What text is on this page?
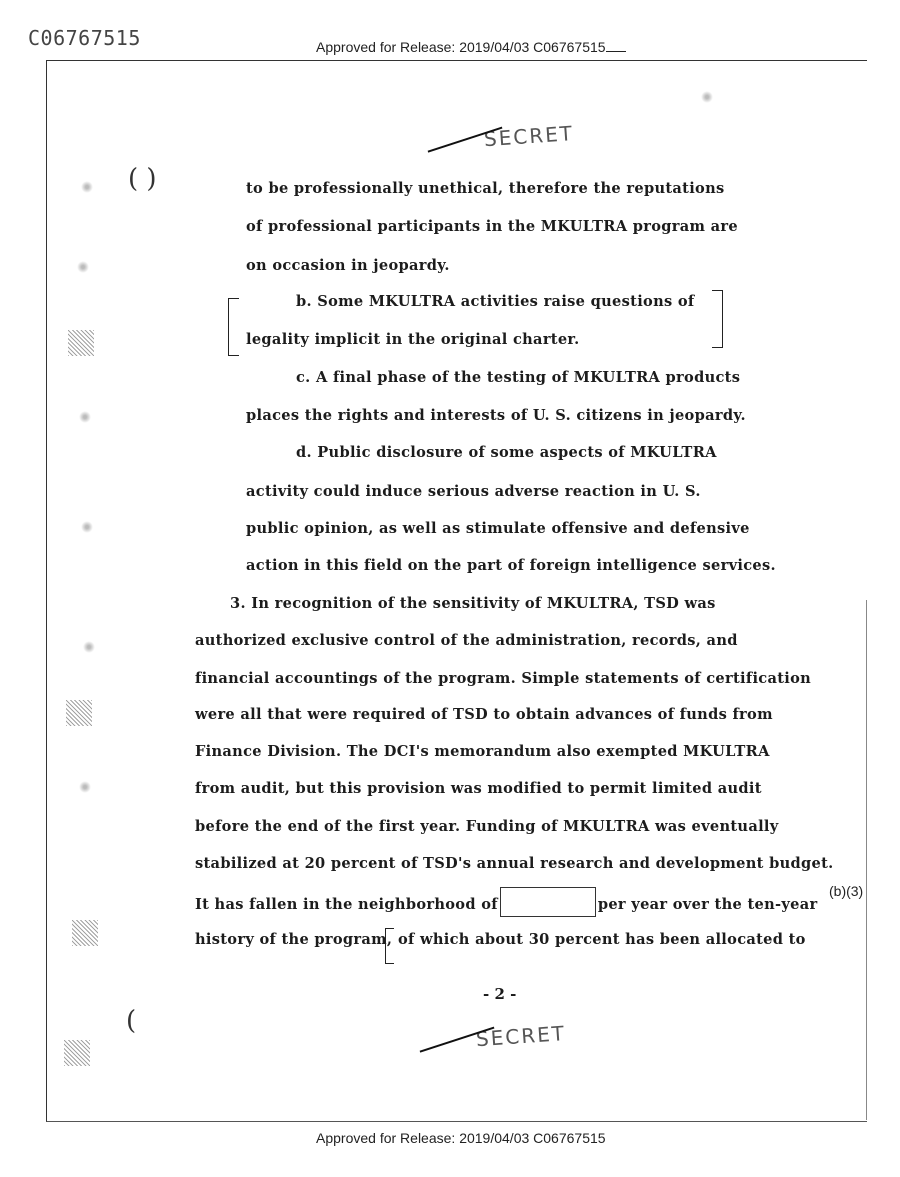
C06767515	Approved for Release: 2019/04/03 C06767515
SECRET
( )	to be professionally unethical, therefore the reputations
of professional participants in the MKULTRA program are
on occasion in jeopardy.
b. Some MKULTRA activities raise questions of
legality implicit in the original charter.
c. A final phase of the testing of MKULTRA products
places the rights and interests of U. S. citizens in jeopardy.
d. Public disclosure of some aspects of MKULTRA
activity could induce serious adverse reaction in U. S.
public opinion, as well as stimulate offensive and defensive
action in this field on the part of foreign intelligence services.
3. In recognition of the sensitivity of MKULTRA, TSD was
authorized exclusive control of the administration, records, and
financial accountings of the program. Simple statements of certification
were all that were required of TSD to obtain advances of funds from
Finance Division. The DCI's memorandum also exempted MKULTRA
from audit, but this provision was modified to permit limited audit
before the end of the first year. Funding of MKULTRA was eventually
stabilized at 20 percent of TSD's annual research and development budget.
It has fallen in the neighborhood of	per year over the ten-year
(b)(3)
history of the program, of which about 30 percent has been allocated to
- 2 -
(
SECRET
Approved for Release: 2019/04/03 C06767515
